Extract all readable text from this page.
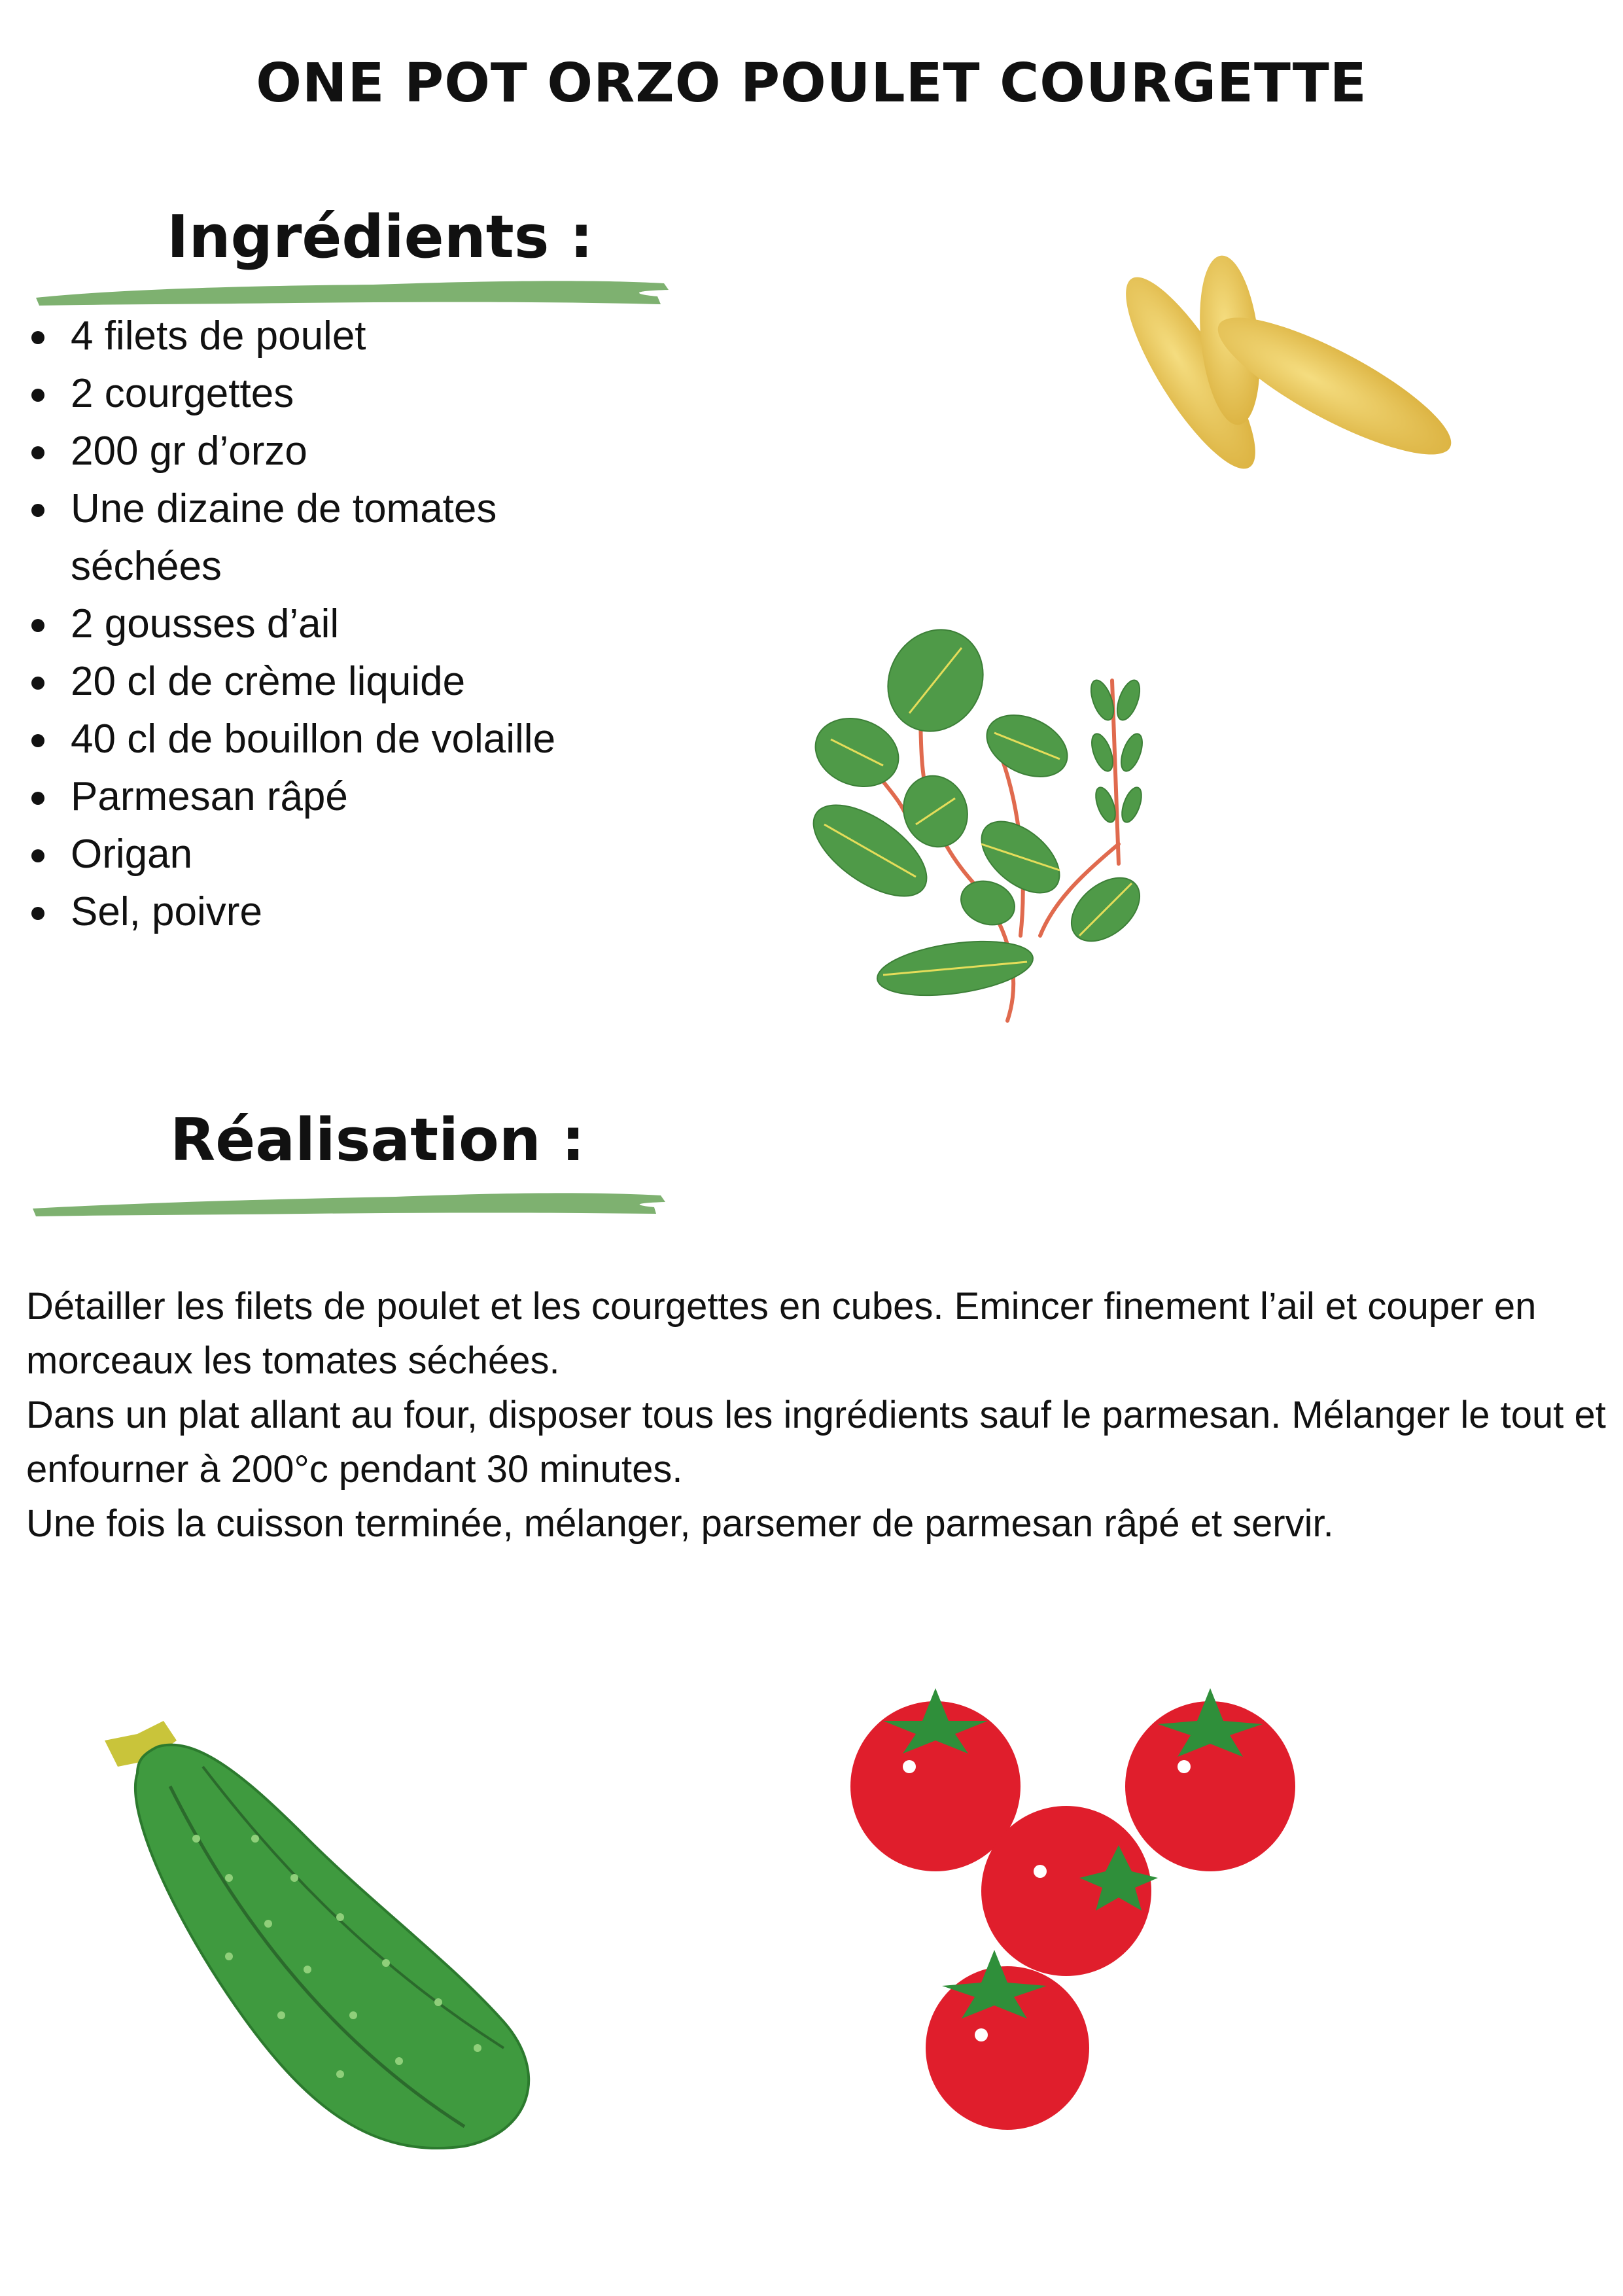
ONE POT ORZO POULET COURGETTE
Ingrédients :
4 filets de poulet
2 courgettes
200 gr d’orzo
Une dizaine de tomates séchées
2 gousses d’ail
20 cl de crème liquide
40 cl de bouillon de volaille
Parmesan râpé
Origan
Sel, poivre
Réalisation :

Détailler les filets de poulet et les courgettes en cubes. Emincer finement l’ail et couper en morceaux les tomates séchées.

Dans un plat allant au four, disposer tous les ingrédients sauf le parmesan. Mélanger le tout et enfourner à 200°c pendant 30 minutes.

Une fois la cuisson terminée, mélanger, parsemer de parmesan râpé et servir.
